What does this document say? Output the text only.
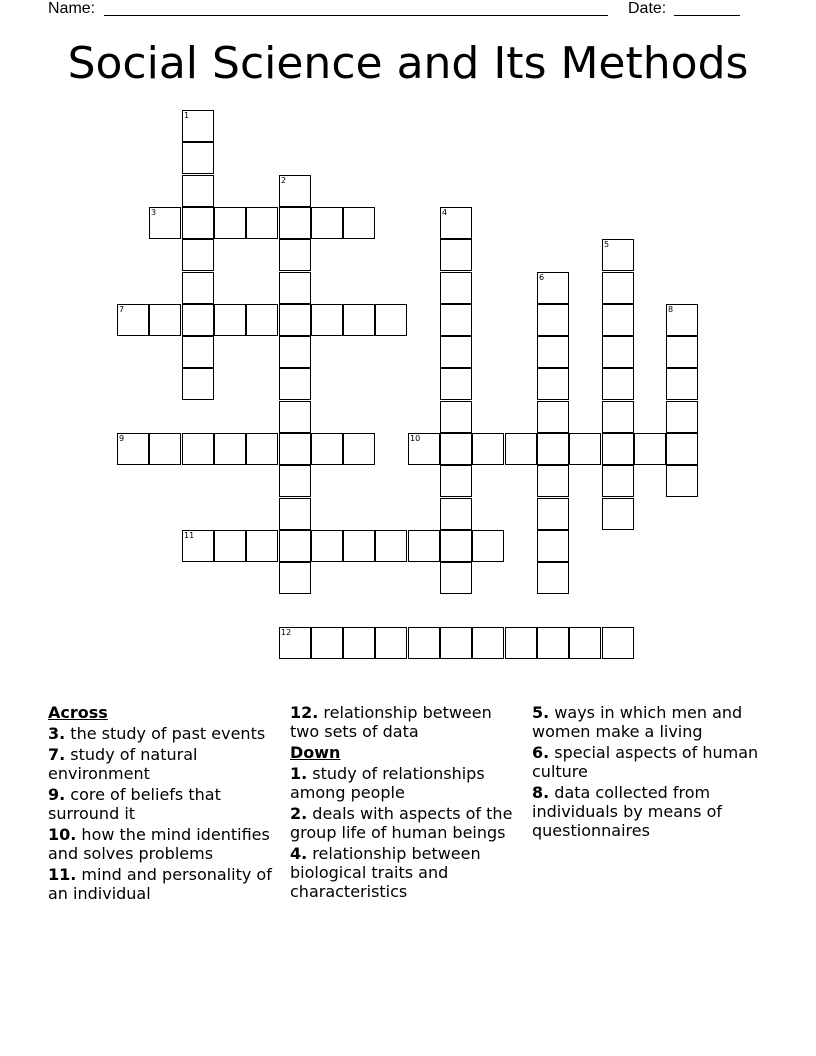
Name:	Date:
Social Science and Its Methods
1
2
3	4
5
6
7	8
9	10
11
12
Across
3. the study of past events
7. study of natural environment
9. core of beliefs that surround it
10. how the mind identifies and solves problems
11. mind and personality of an individual
12. relationship between two sets of data
Down
1. study of relationships among people
2. deals with aspects of the group life of human beings
4. relationship between biological traits and characteristics
5. ways in which men and women make a living
6. special aspects of human culture
8. data collected from individuals by means of questionnaires
